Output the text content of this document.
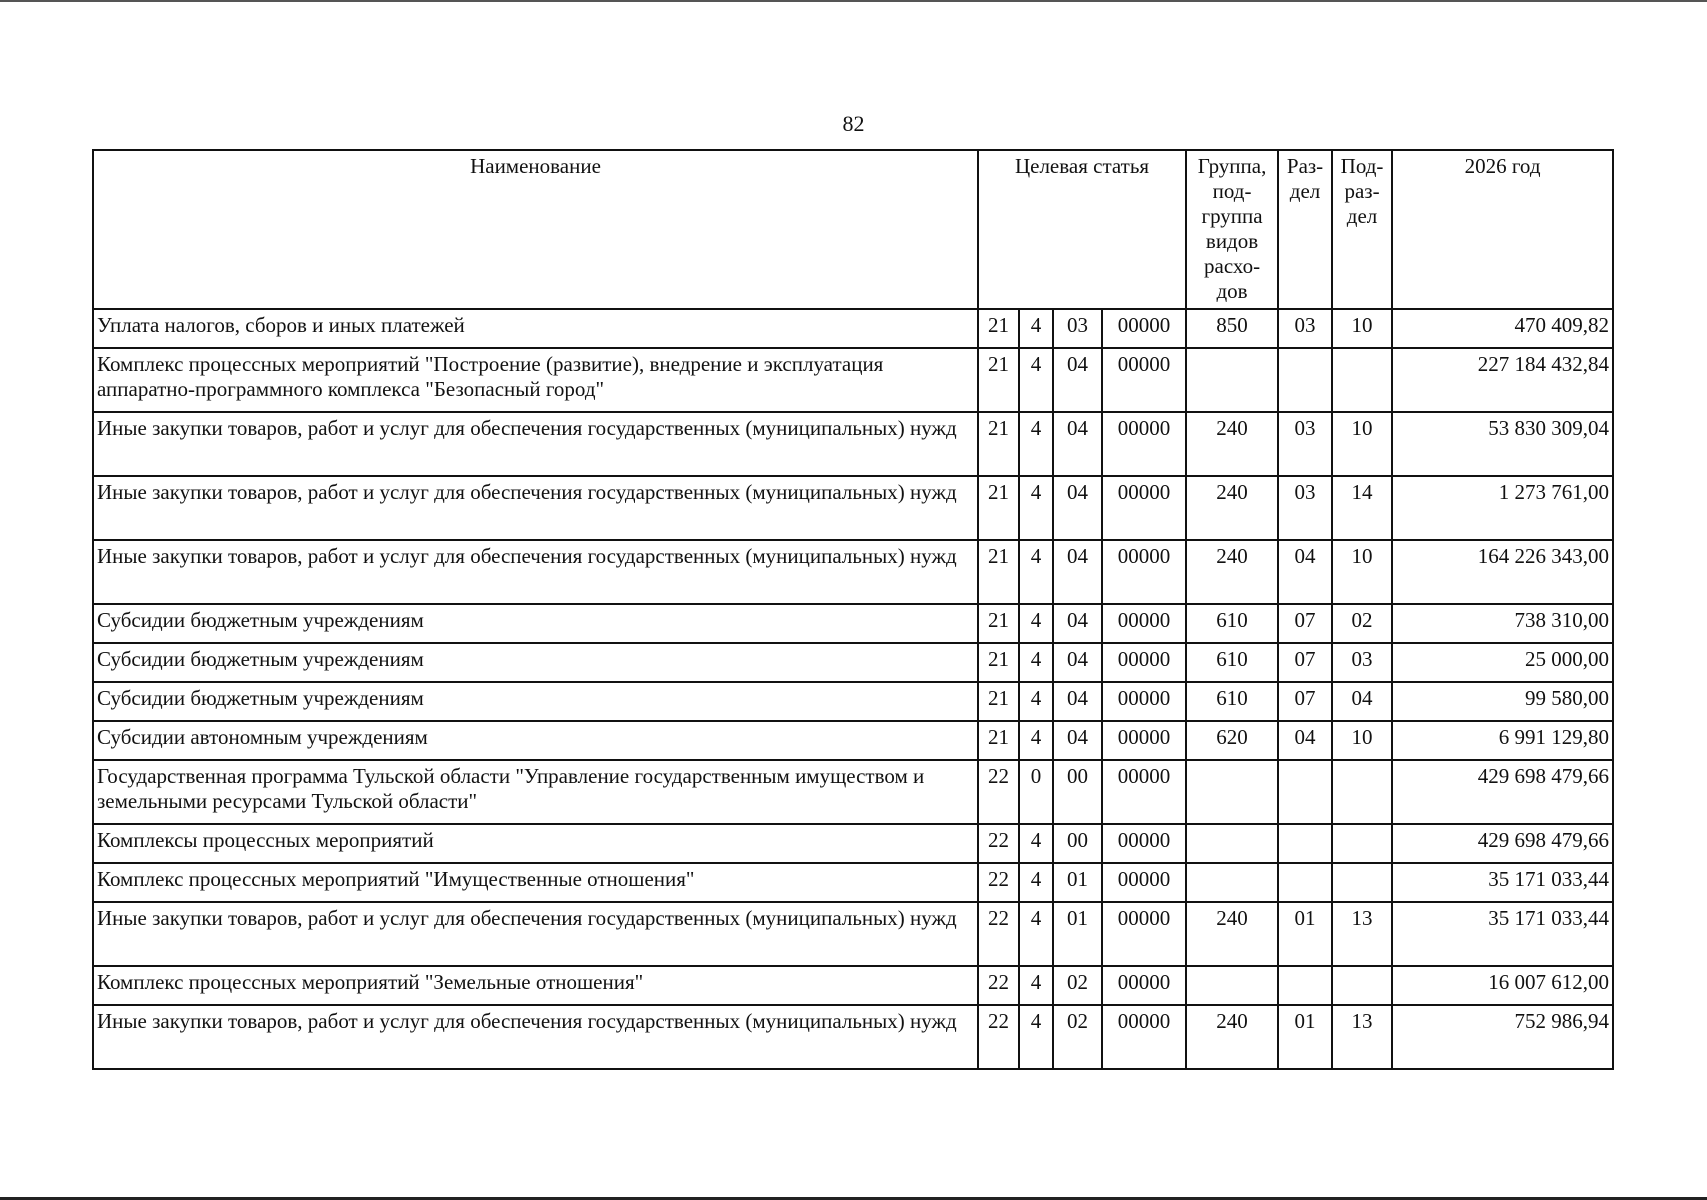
82
Наименование	Целевая статья				Группа, под-группа видов расхо-дов	Раз-дел	Под-раз-дел	2026 год
Уплата налогов, сборов и иных платежей	21	4	03	00000	850	03	10	470 409,82
Комплекс процессных мероприятий "Построение (развитие), внедрение и эксплуатация аппаратно-программного комплекса "Безопасный город"	21	4	04	00000				227 184 432,84
Иные закупки товаров, работ и услуг для обеспечения государственных (муниципальных) нужд	21	4	04	00000	240	03	10	53 830 309,04
Иные закупки товаров, работ и услуг для обеспечения государственных (муниципальных) нужд	21	4	04	00000	240	03	14	1 273 761,00
Иные закупки товаров, работ и услуг для обеспечения государственных (муниципальных) нужд	21	4	04	00000	240	04	10	164 226 343,00
Субсидии бюджетным учреждениям	21	4	04	00000	610	07	02	738 310,00
Субсидии бюджетным учреждениям	21	4	04	00000	610	07	03	25 000,00
Субсидии бюджетным учреждениям	21	4	04	00000	610	07	04	99 580,00
Субсидии автономным учреждениям	21	4	04	00000	620	04	10	6 991 129,80
Государственная программа Тульской области "Управление государственным имуществом и земельными ресурсами Тульской области"	22	0	00	00000				429 698 479,66
Комплексы процессных мероприятий	22	4	00	00000				429 698 479,66
Комплекс процессных мероприятий "Имущественные отношения"	22	4	01	00000				35 171 033,44
Иные закупки товаров, работ и услуг для обеспечения государственных (муниципальных) нужд	22	4	01	00000	240	01	13	35 171 033,44
Комплекс процессных мероприятий "Земельные отношения"	22	4	02	00000				16 007 612,00
Иные закупки товаров, работ и услуг для обеспечения государственных (муниципальных) нужд	22	4	02	00000	240	01	13	752 986,94
